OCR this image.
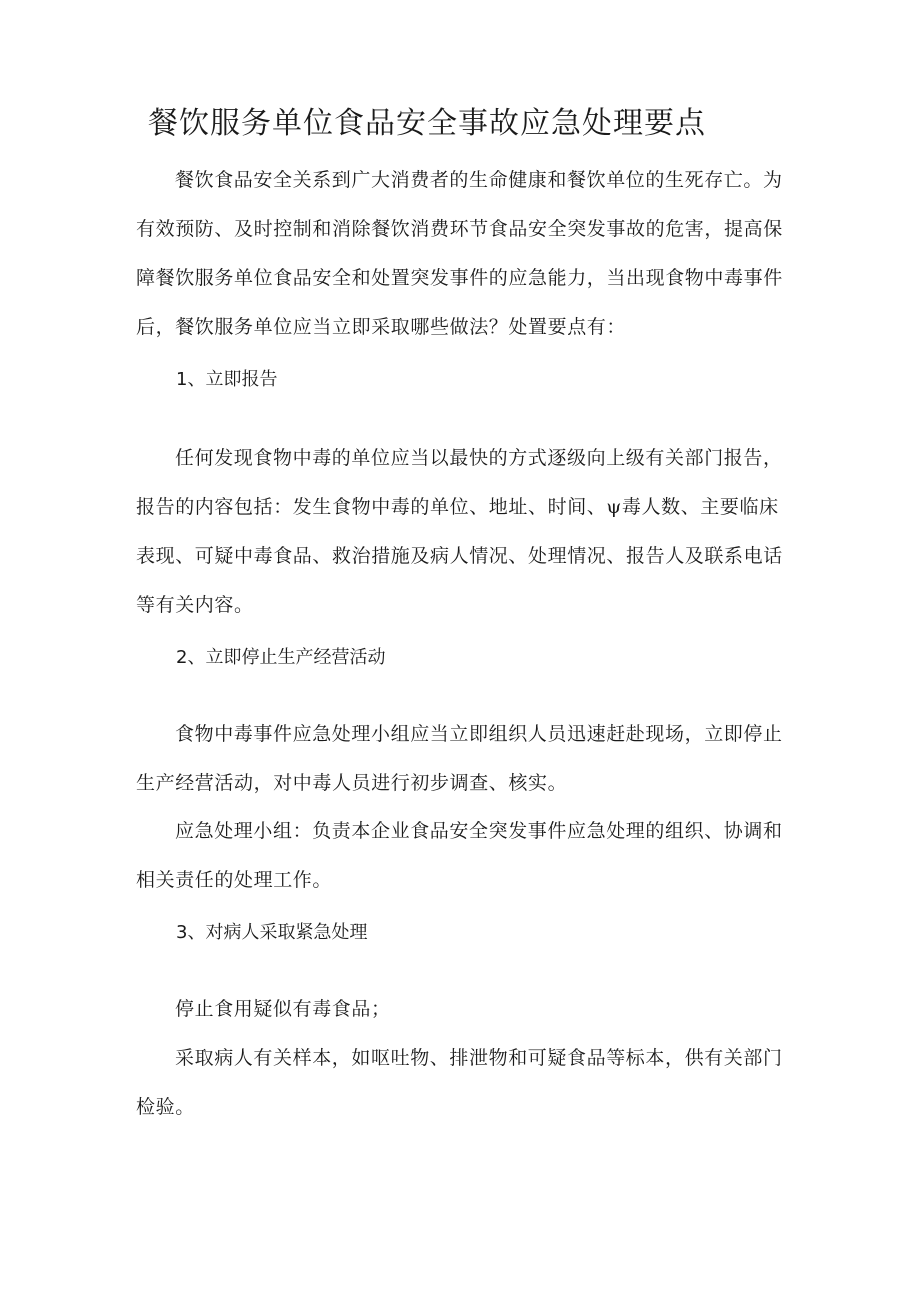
餐饮服务单位食品安全事故应急处理要点

餐饮食品安全关系到广大消费者的生命健康和餐饮单位的生死存亡。为有效预防、及时控制和消除餐饮消费环节食品安全突发事故的危害，提高保障餐饮服务单位食品安全和处置突发事件的应急能力，当出现食物中毒事件后，餐饮服务单位应当立即采取哪些做法？处置要点有：

1、立即报告

任何发现食物中毒的单位应当以最快的方式逐级向上级有关部门报告，报告的内容包括：发生食物中毒的单位、地址、时间、ψ毒人数、主要临床表现、可疑中毒食品、救治措施及病人情况、处理情况、报告人及联系电话等有关内容。

2、立即停止生产经营活动

食物中毒事件应急处理小组应当立即组织人员迅速赶赴现场，立即停止生产经营活动，对中毒人员进行初步调查、核实。

应急处理小组：负责本企业食品安全突发事件应急处理的组织、协调和相关责任的处理工作。

3、对病人采取紧急处理

停止食用疑似有毒食品；

采取病人有关样本，如呕吐物、排泄物和可疑食品等标本，供有关部门检验。
